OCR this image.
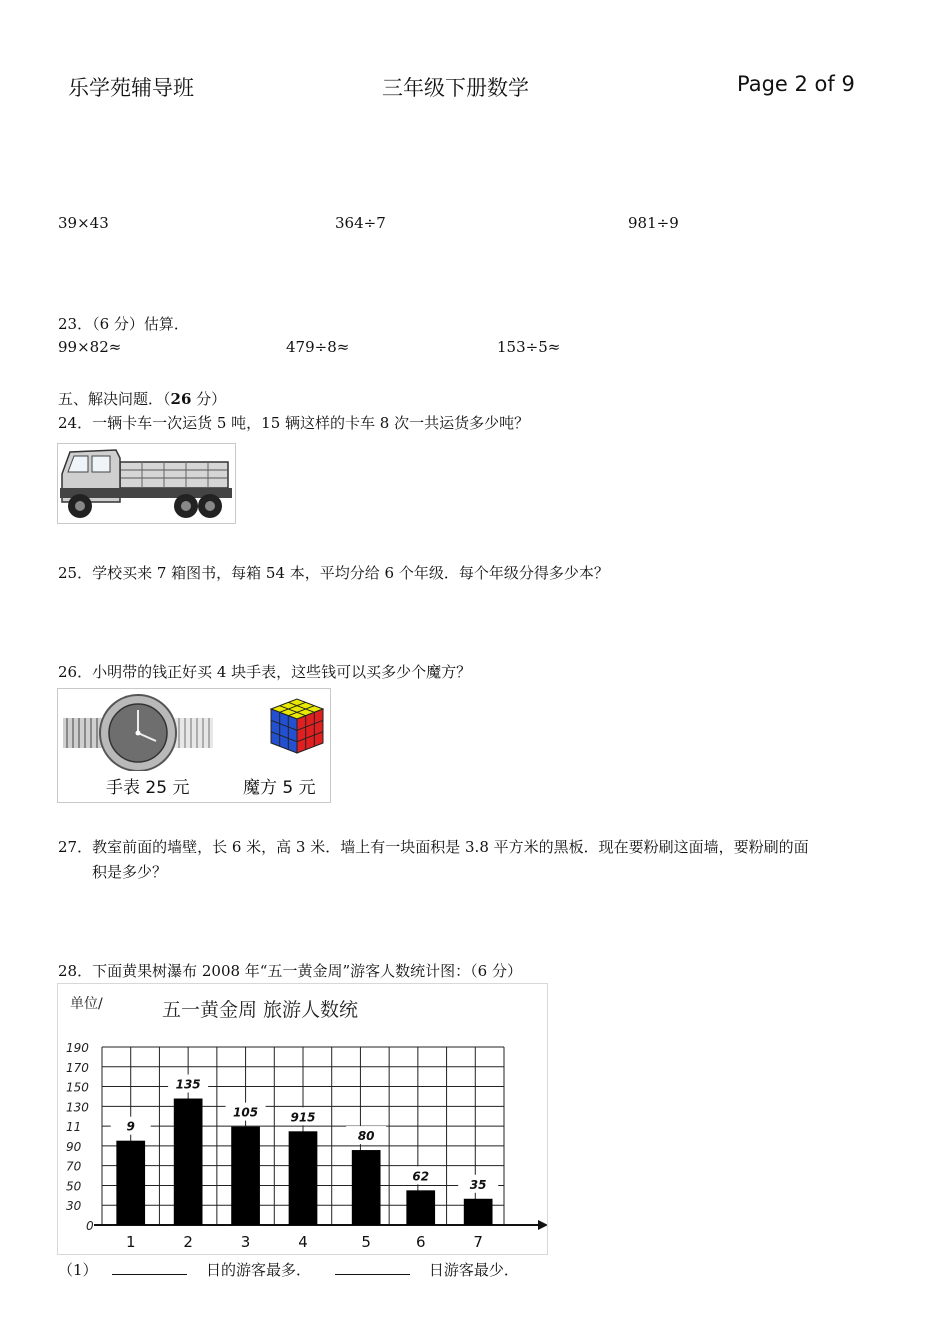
乐学苑辅导班	三年级下册数学	Page 2 of 9
39×43	364÷7	981÷9
23．（6 分）估算．
99×82≈	479÷8≈	153÷5≈
五、解决问题．（26 分）
24．一辆卡车一次运货 5 吨，15 辆这样的卡车 8 次一共运货多少吨？
25．学校买来 7 箱图书，每箱 54 本，平均分给 6 个年级．每个年级分得多少本？
26．小明带的钱正好买 4 块手表，这些钱可以买多少个魔方？
手表 25 元	魔方 5 元
27．教室前面的墙壁，长 6 米，高 3 米．墙上有一块面积是 3.8 平方米的黑板．现在要粉刷这面墙，要粉刷的面
积是多少？
28．下面黄果树瀑布 2008 年“五一黄金周”游客人数统计图：（6 分）
单位/	五一黄金周 旅游人数统
0
30
50
70
90
11
130
150
170
190
1	2	3	4	5	6	7
9
135
105	915
80
62
35
（1）	日的游客最多．	日游客最少．
